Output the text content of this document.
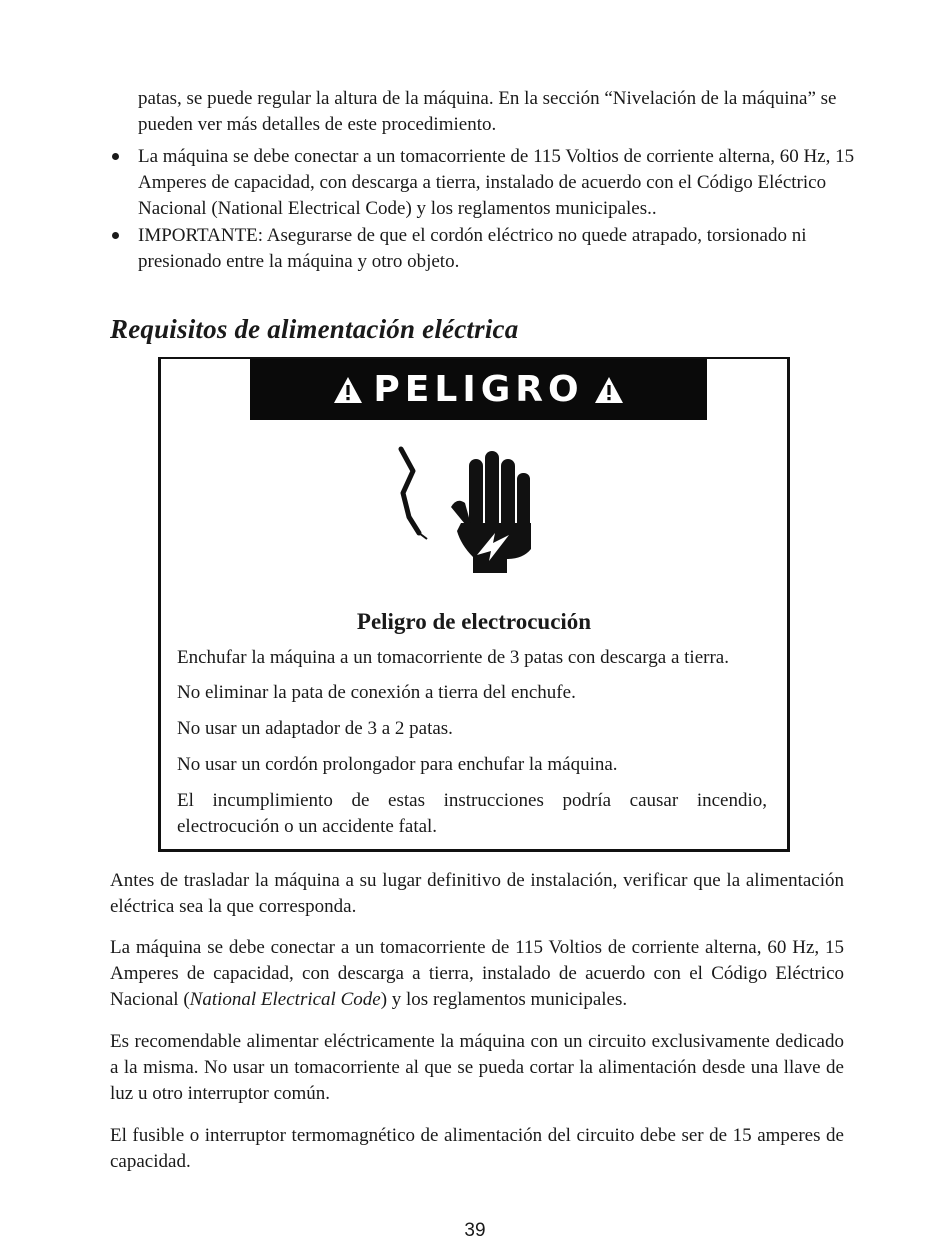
patas, se puede regular la altura de la máquina. En la sección “Nivelación de la máquina” se pueden ver más detalles de este procedimiento.

La máquina se debe conectar a un tomacorriente de 115 Voltios de corriente alterna, 60 Hz, 15 Amperes de capacidad, con descarga a tierra, instalado de acuerdo con el Código Eléctrico Nacional (National Electrical Code) y los reglamentos municipales..

IMPORTANTE: Asegurarse de que el cordón eléctrico no quede atrapado, torsionado ni presionado entre la máquina y otro objeto.

Requisitos de alimentación eléctrica
PELIGRO
Peligro de electrocución

Enchufar la máquina a un tomacorriente de 3 patas con descarga a tierra.

No eliminar la pata de conexión a tierra del enchufe.

No usar un adaptador de 3 a 2 patas.

No usar un cordón prolongador para enchufar la máquina.

El incumplimiento de estas instrucciones podría causar incendio, electrocución o un accidente fatal.

Antes de trasladar la máquina a su lugar definitivo de instalación, verificar que la alimentación eléctrica sea la que corresponda.

La máquina se debe conectar a un tomacorriente de 115 Voltios de corriente alterna, 60 Hz, 15 Amperes de capacidad, con descarga a tierra, instalado de acuerdo con el Código Eléctrico Nacional (National Electrical Code) y los reglamentos municipales.

Es recomendable alimentar eléctricamente la máquina con un circuito exclusivamente dedicado a la misma. No usar un tomacorriente al que se pueda cortar la alimentación desde una llave de luz u otro interruptor común.

El fusible o interruptor termomagnético de alimentación del circuito debe ser de 15 amperes de capacidad.

39
